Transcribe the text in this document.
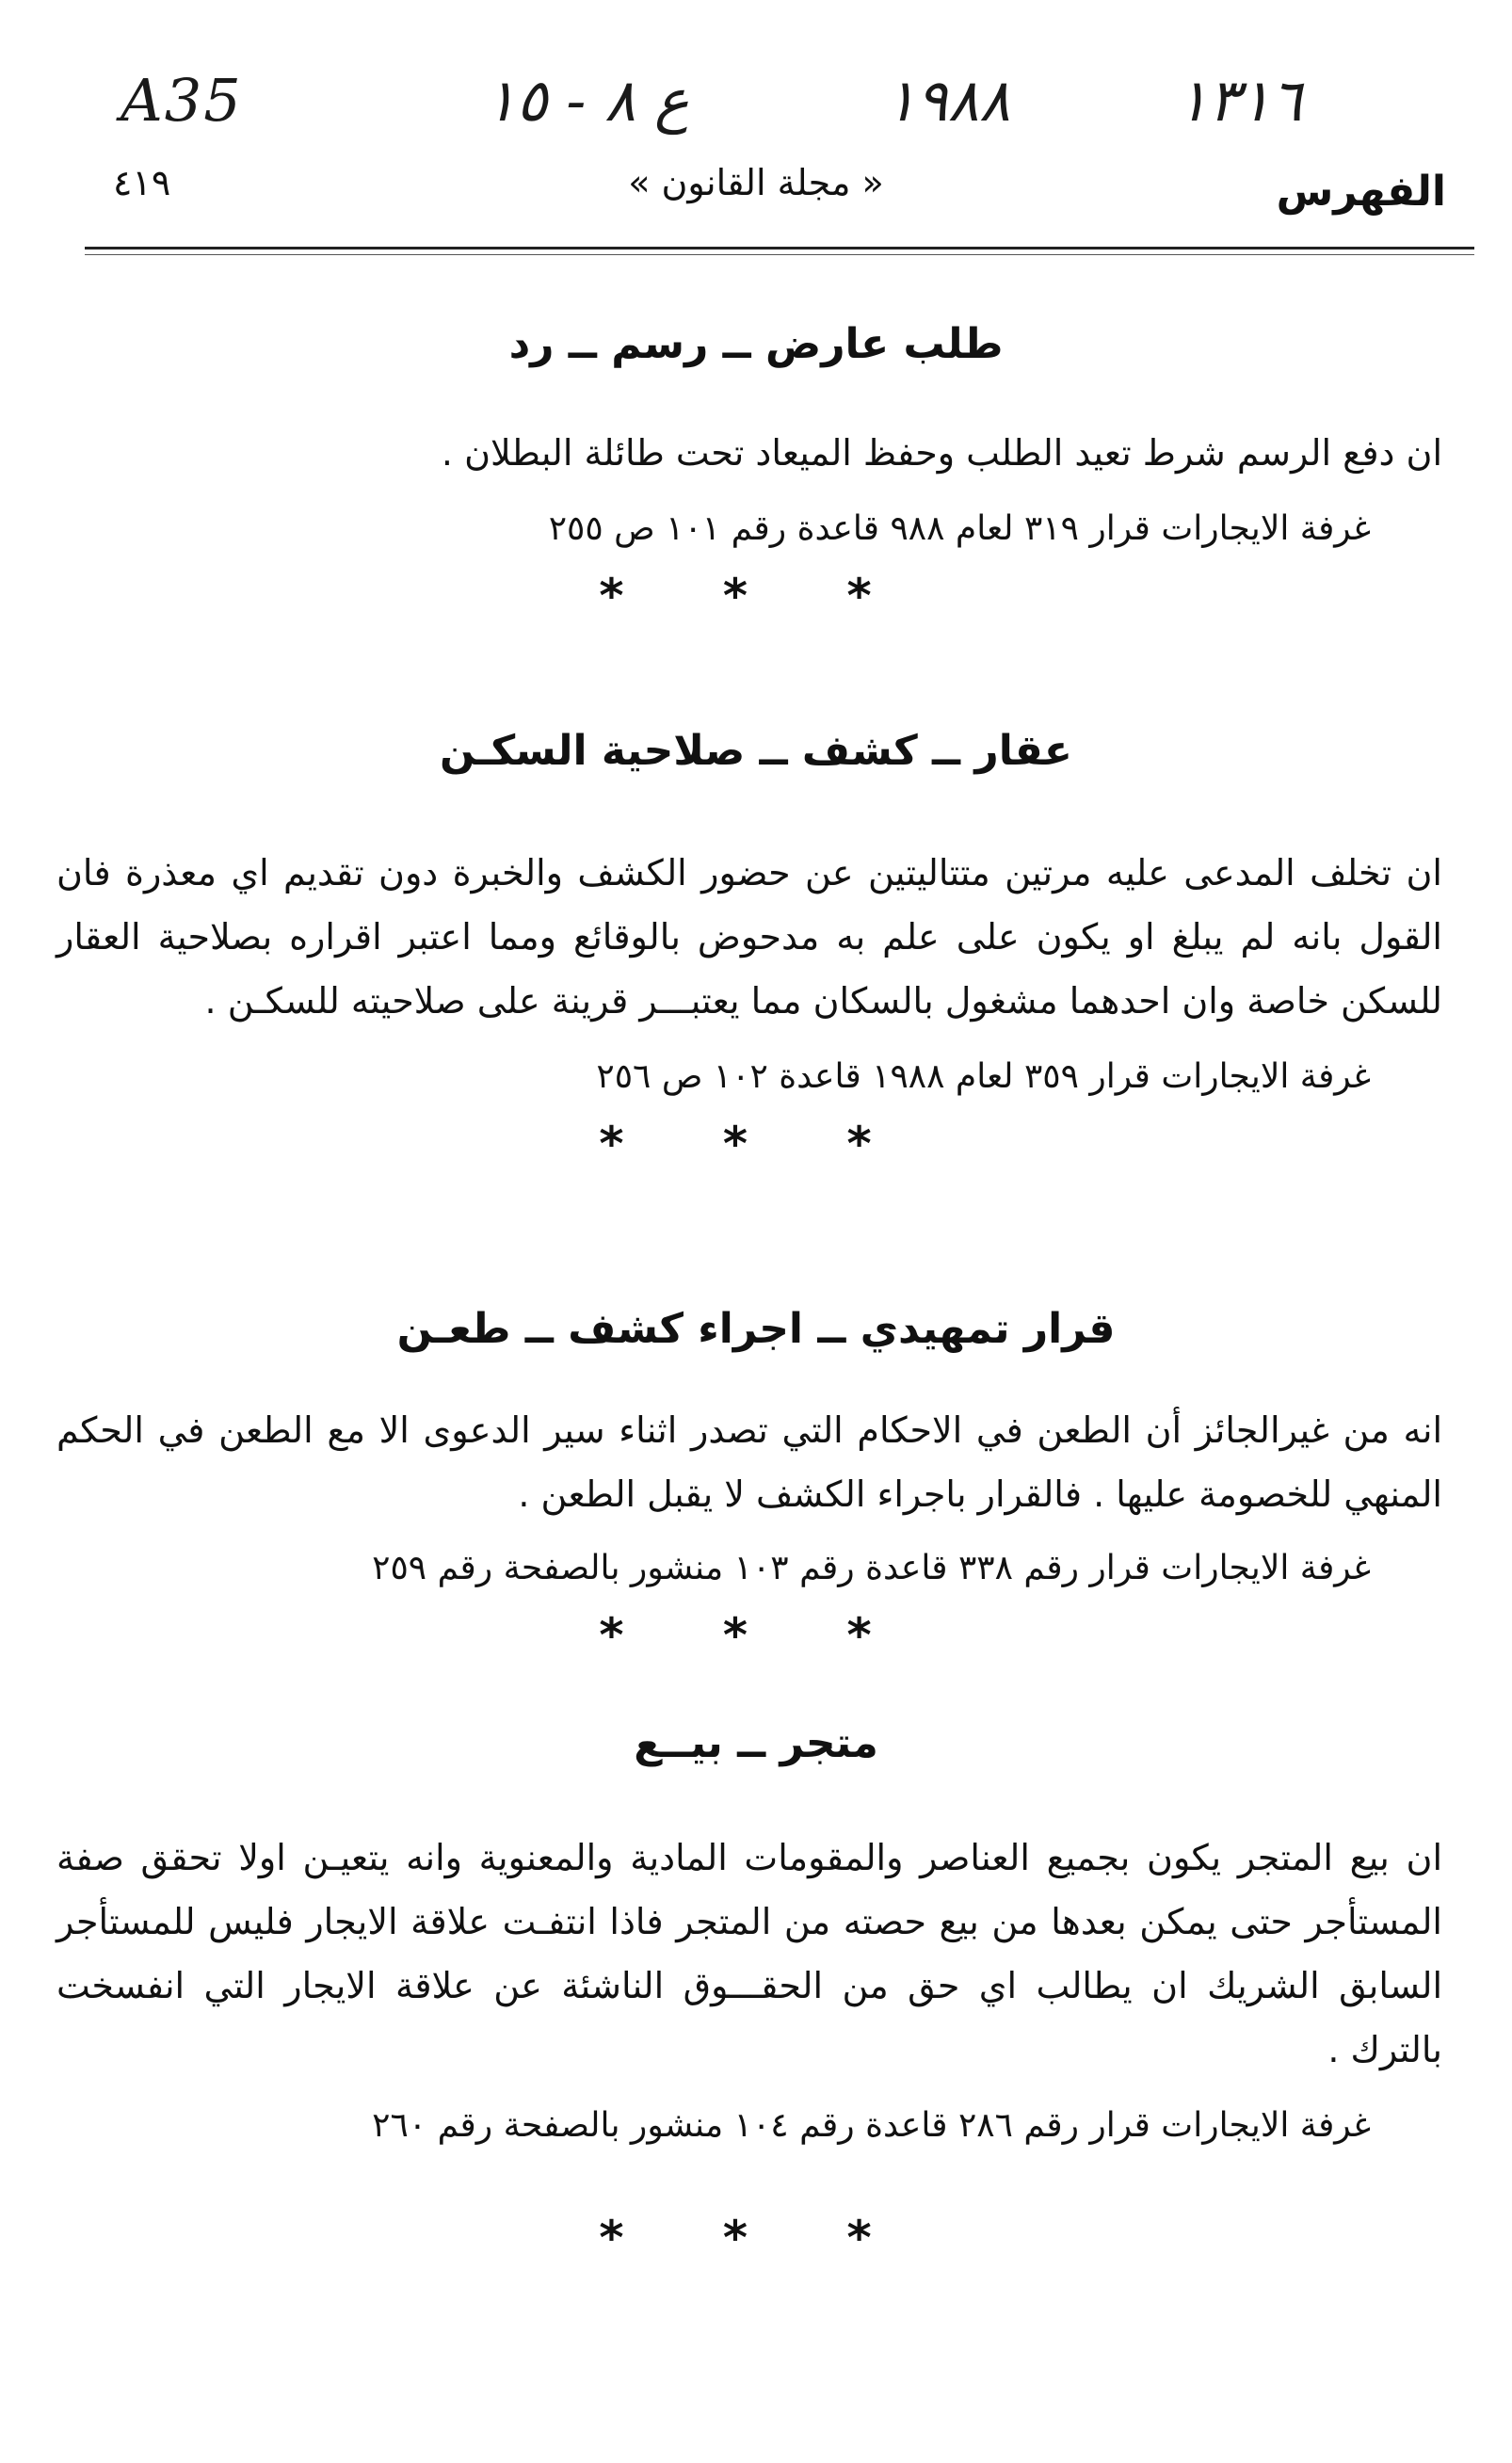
A35	ع ٨ - ١٥	١٩٨٨	١٣١٦
٤١٩	« مجلة القانون »	الفهرس

طلب عارض ــ رسم ــ رد

ان دفع الرسم شرط تعيد الطلب وحفظ الميعاد تحت طائلة البطلان .

غرفة الايجارات قرار ٣١٩ لعام ٩٨٨ قاعدة رقم ١٠١ ص ٢٥٥

* * *

عقار ــ كشف ــ صلاحية السكـن

ان تخلف المدعى عليه مرتين متتاليتين عن حضور الكشف والخبرة دون تقديم اي معذرة فان القول بانه لم يبلغ او يكون على علم به مدحوض بالوقائع ومما اعتبر اقراره بصلاحية العقار للسكن خاصة وان احدهما مشغول بالسكان مما يعتبـــر قرينة على صلاحيته للسكـن .

غرفة الايجارات قرار ٣٥٩ لعام ١٩٨٨ قاعدة ١٠٢ ص ٢٥٦

* * *

قرار تمهيدي ــ اجراء كشف ــ طعـن

انه من غيرالجائز أن الطعن في الاحكام التي تصدر اثناء سير الدعوى الا مع الطعن في الحكم المنهي للخصومة عليها . فالقرار باجراء الكشف لا يقبل الطعن .

غرفة الايجارات قرار رقم ٣٣٨ قاعدة رقم ١٠٣ منشور بالصفحة رقم ٢٥٩

* * *

متجر ــ بيــع

ان بيع المتجر يكون بجميع العناصر والمقومات المادية والمعنوية وانه يتعيـن اولا تحقق صفة المستأجر حتى يمكن بعدها من بيع حصته من المتجر فاذا انتفـت علاقة الايجار فليس للمستأجر السابق الشريك ان يطالب اي حق من الحقـــوق الناشئة عن علاقة الايجار التي انفسخت بالترك .

غرفة الايجارات قرار رقم ٢٨٦ قاعدة رقم ١٠٤ منشور بالصفحة رقم ٢٦٠

* * *
